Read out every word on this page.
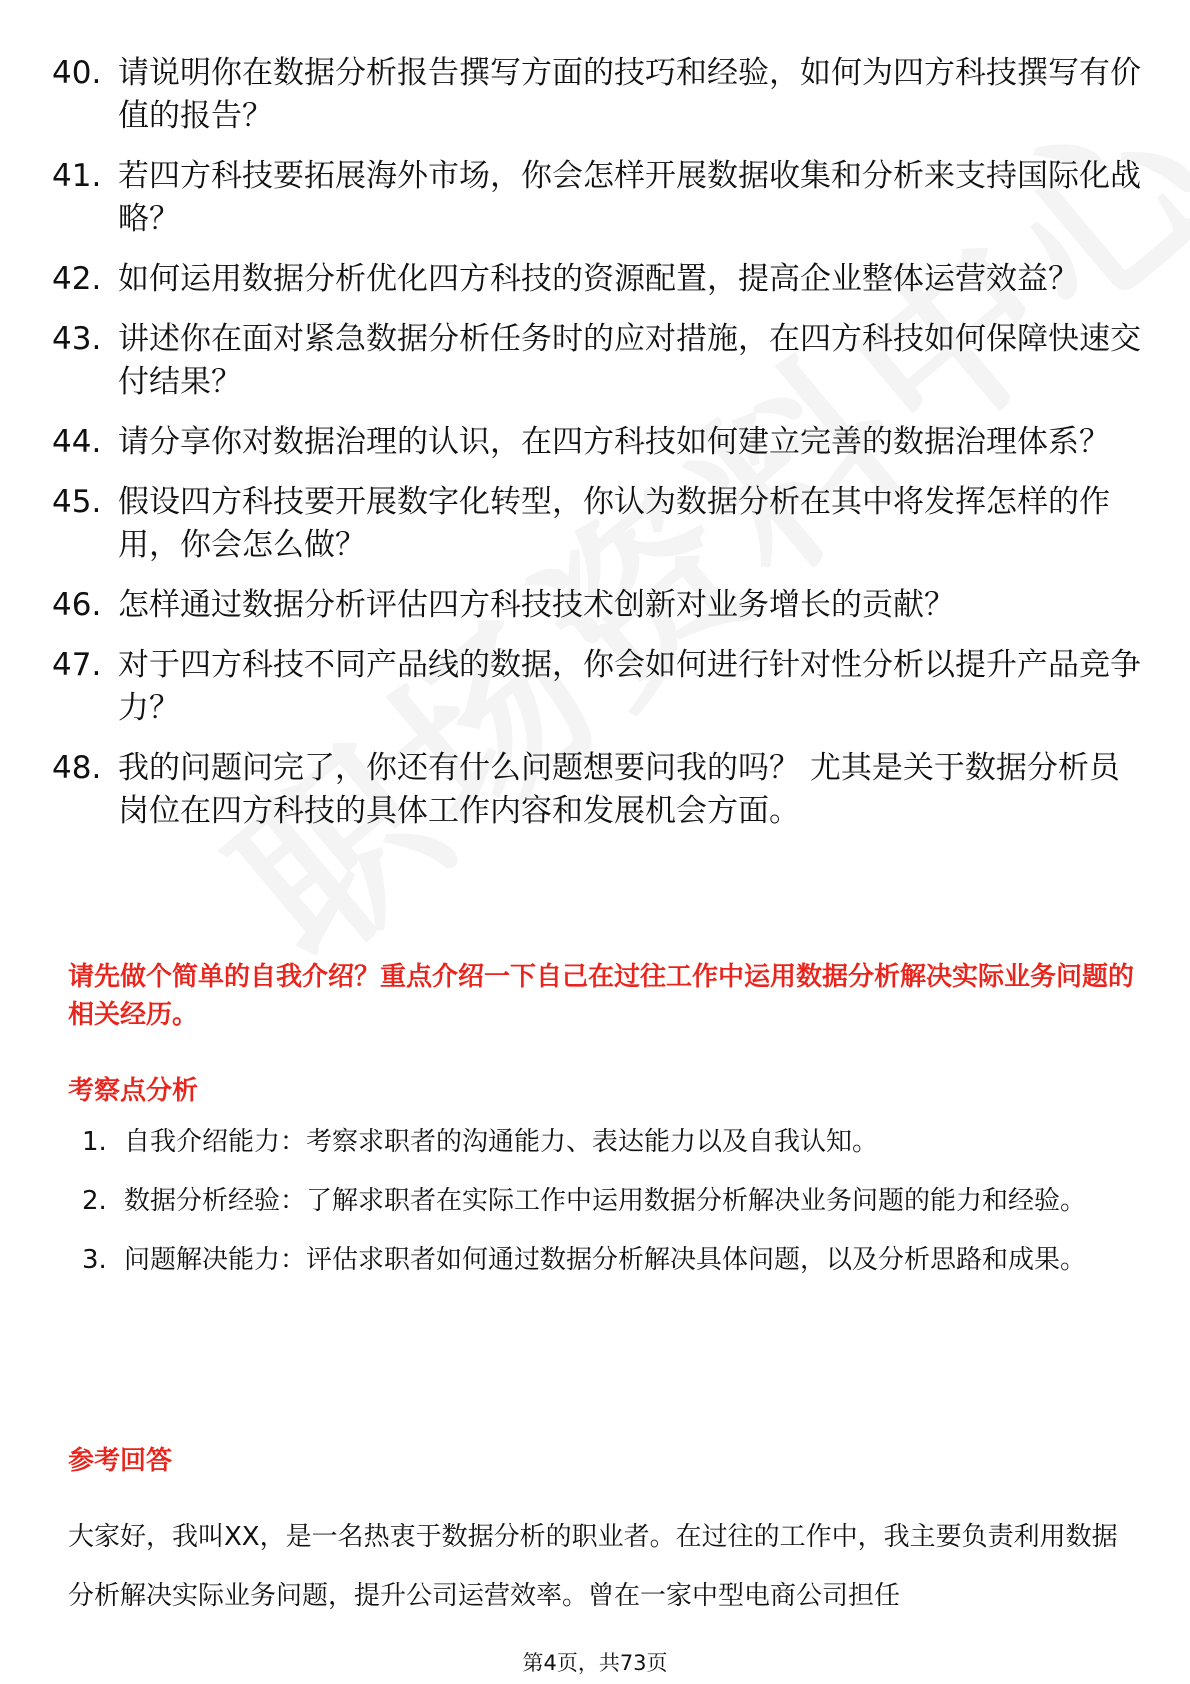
40. 请说明你在数据分析报告撰写方面的技巧和经验，如何为四方科技撰写有价值的报告？
41. 若四方科技要拓展海外市场，你会怎样开展数据收集和分析来支持国际化战略？
42. 如何运用数据分析优化四方科技的资源配置，提高企业整体运营效益？
43. 讲述你在面对紧急数据分析任务时的应对措施，在四方科技如何保障快速交付结果？
44. 请分享你对数据治理的认识，在四方科技如何建立完善的数据治理体系？
45. 假设四方科技要开展数字化转型，你认为数据分析在其中将发挥怎样的作用，你会怎么做？
46. 怎样通过数据分析评估四方科技技术创新对业务增长的贡献？
47. 对于四方科技不同产品线的数据，你会如何进行针对性分析以提升产品竞争力？
48. 我的问题问完了，你还有什么问题想要问我的吗？ 尤其是关于数据分析员岗位在四方科技的具体工作内容和发展机会方面。
请先做个简单的自我介绍？重点介绍一下自己在过往工作中运用数据分析解决实际业务问题的相关经历。
考察点分析
1. 自我介绍能力：考察求职者的沟通能力、表达能力以及自我认知。
2. 数据分析经验：了解求职者在实际工作中运用数据分析解决业务问题的能力和经验。
3. 问题解决能力：评估求职者如何通过数据分析解决具体问题，以及分析思路和成果。
参考回答

大家好，我叫XX，是一名热衷于数据分析的职业者。在过往的工作中，我主要负责利用数据分析解决实际业务问题，提升公司运营效率。曾在一家中型电商公司担任

第4页，共73页
